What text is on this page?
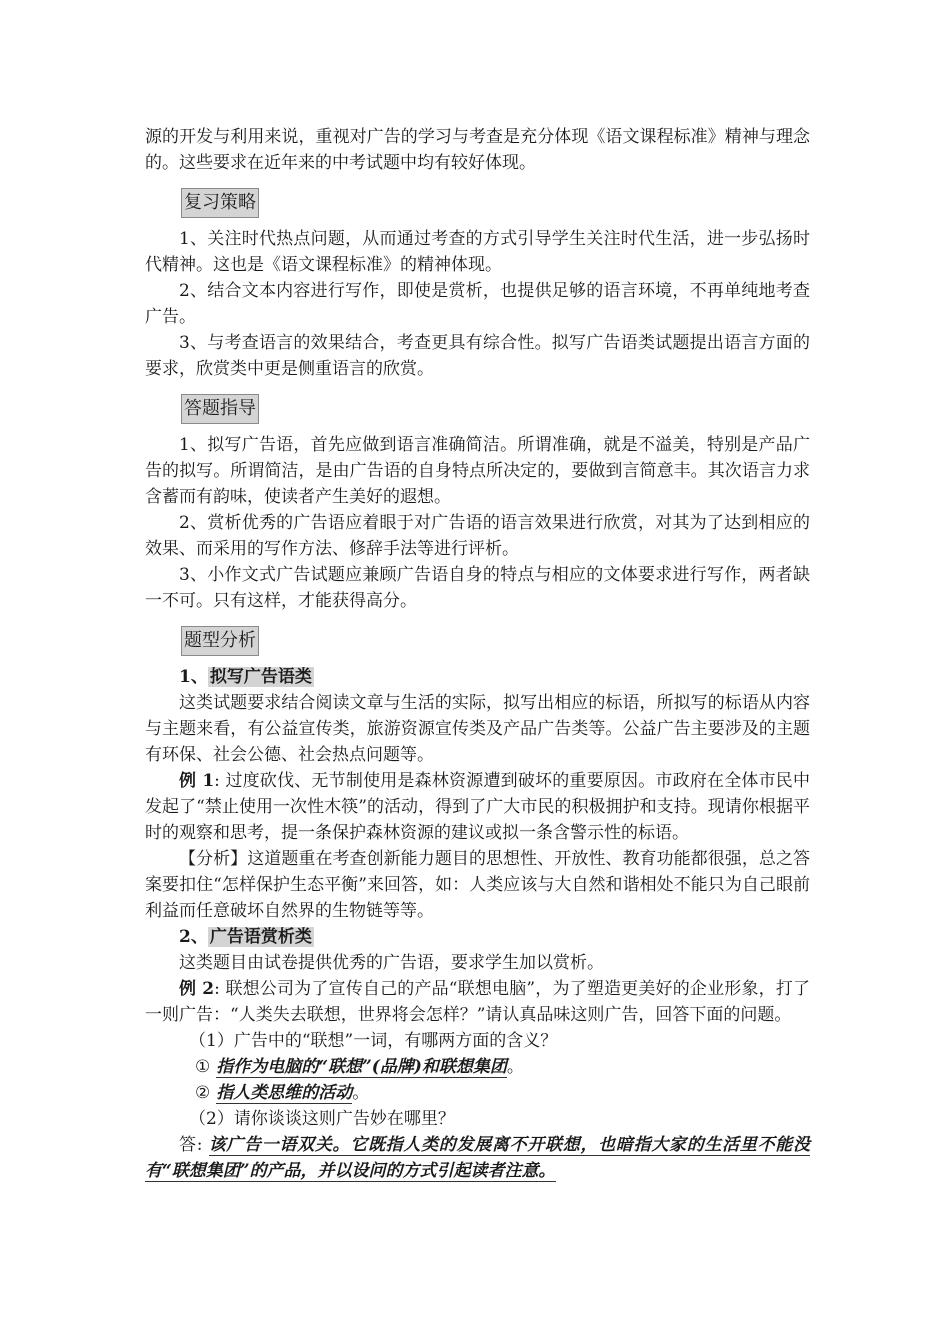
源的开发与利用来说，重视对广告的学习与考查是充分体现《语文课程标准》精神与理念的。这些要求在近年来的中考试题中均有较好体现。

复习策略

1、关注时代热点问题，从而通过考查的方式引导学生关注时代生活，进一步弘扬时代精神。这也是《语文课程标准》的精神体现。

2、结合文本内容进行写作，即使是赏析，也提供足够的语言环境，不再单纯地考查广告。

3、与考查语言的效果结合，考查更具有综合性。拟写广告语类试题提出语言方面的要求，欣赏类中更是侧重语言的欣赏。

答题指导

1、拟写广告语，首先应做到语言准确简洁。所谓准确，就是不溢美，特别是产品广告的拟写。所谓简洁，是由广告语的自身特点所决定的，要做到言简意丰。其次语言力求含蓄而有韵味，使读者产生美好的遐想。

2、赏析优秀的广告语应着眼于对广告语的语言效果进行欣赏，对其为了达到相应的效果、而采用的写作方法、修辞手法等进行评析。

3、小作文式广告试题应兼顾广告语自身的特点与相应的文体要求进行写作，两者缺一不可。只有这样，才能获得高分。

题型分析

1、 拟写广告语类

这类试题要求结合阅读文章与生活的实际，拟写出相应的标语，所拟写的标语从内容与主题来看，有公益宣传类，旅游资源宣传类及产品广告类等。公益广告主要涉及的主题有环保、社会公德、社会热点问题等。

例 1: 过度砍伐、无节制使用是森林资源遭到破坏的重要原因。市政府在全体市民中发起了“禁止使用一次性木筷”的活动，得到了广大市民的积极拥护和支持。现请你根据平时的观察和思考，提一条保护森林资源的建议或拟一条含警示性的标语。

【分析】这道题重在考查创新能力题目的思想性、开放性、教育功能都很强，总之答案要扣住“怎样保护生态平衡”来回答，如：人类应该与大自然和谐相处不能只为自己眼前利益而任意破坏自然界的生物链等等。

2、 广告语赏析类

这类题目由试卷提供优秀的广告语，要求学生加以赏析。

例 2: 联想公司为了宣传自己的产品“联想电脑”，为了塑造更美好的企业形象，打了一则广告：“人类失去联想，世界将会怎样？”请认真品味这则广告，回答下面的问题。

（1）广告中的“联想”一词，有哪两方面的含义？

① 指作为电脑的“联想”(品牌)和联想集团。

② 指人类思维的活动。

（2）请你谈谈这则广告妙在哪里？

答: 该广告一语双关。它既指人类的发展离不开联想，也暗指大家的生活里不能没有“联想集团”的产品，并以设问的方式引起读者注意。
